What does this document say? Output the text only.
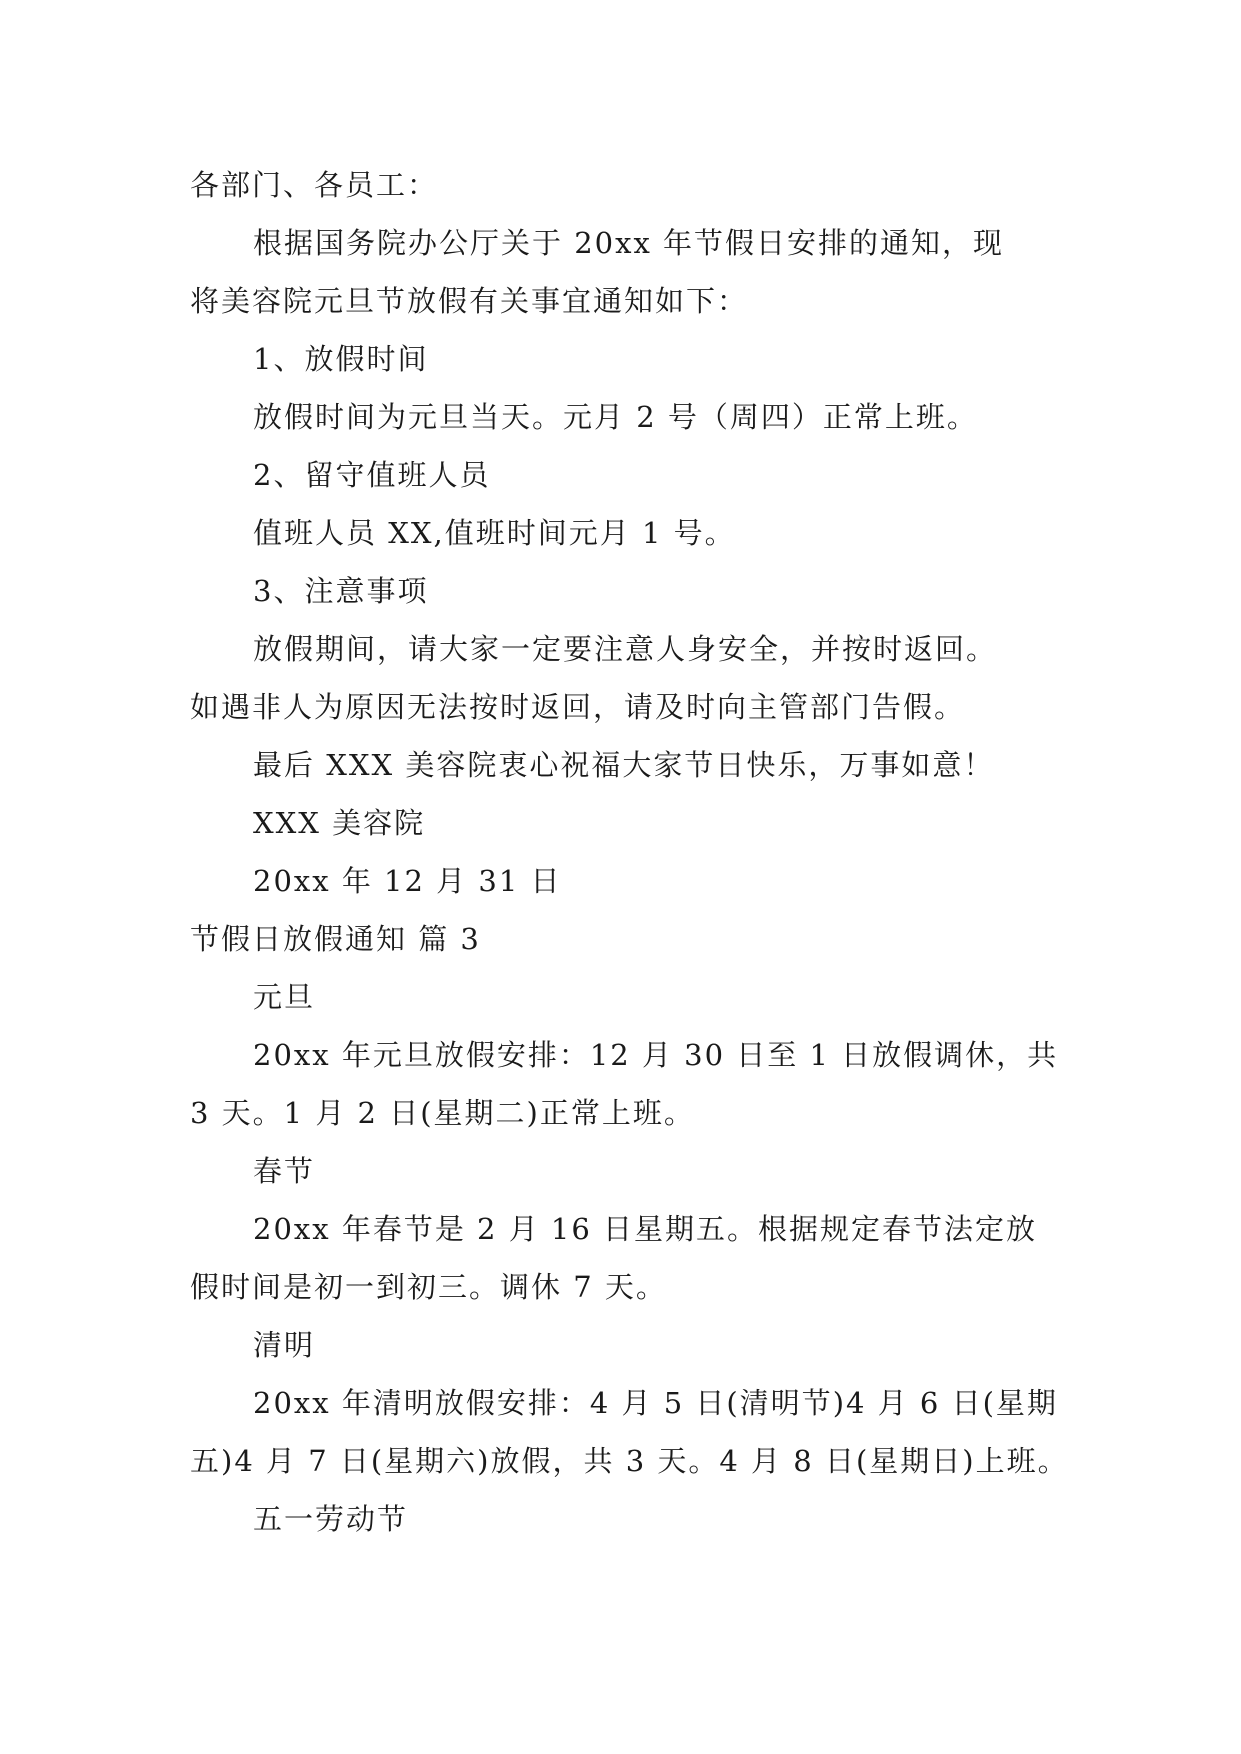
各部门、各员工：
根据国务院办公厅关于 20xx 年节假日安排的通知，现
将美容院元旦节放假有关事宜通知如下：
1、放假时间
放假时间为元旦当天。元月 2 号（周四）正常上班。
2、留守值班人员
值班人员 XX,值班时间元月 1 号。
3、注意事项
放假期间，请大家一定要注意人身安全，并按时返回。
如遇非人为原因无法按时返回，请及时向主管部门告假。
最后 XXX 美容院衷心祝福大家节日快乐，万事如意！
XXX 美容院
20xx 年 12 月 31 日
节假日放假通知 篇 3
元旦
20xx 年元旦放假安排：12 月 30 日至 1 日放假调休，共
3 天。1 月 2 日(星期二)正常上班。
春节
20xx 年春节是 2 月 16 日星期五。根据规定春节法定放
假时间是初一到初三。调休 7 天。
清明
20xx 年清明放假安排：4 月 5 日(清明节)4 月 6 日(星期
五)4 月 7 日(星期六)放假，共 3 天。4 月 8 日(星期日)上班。
五一劳动节
